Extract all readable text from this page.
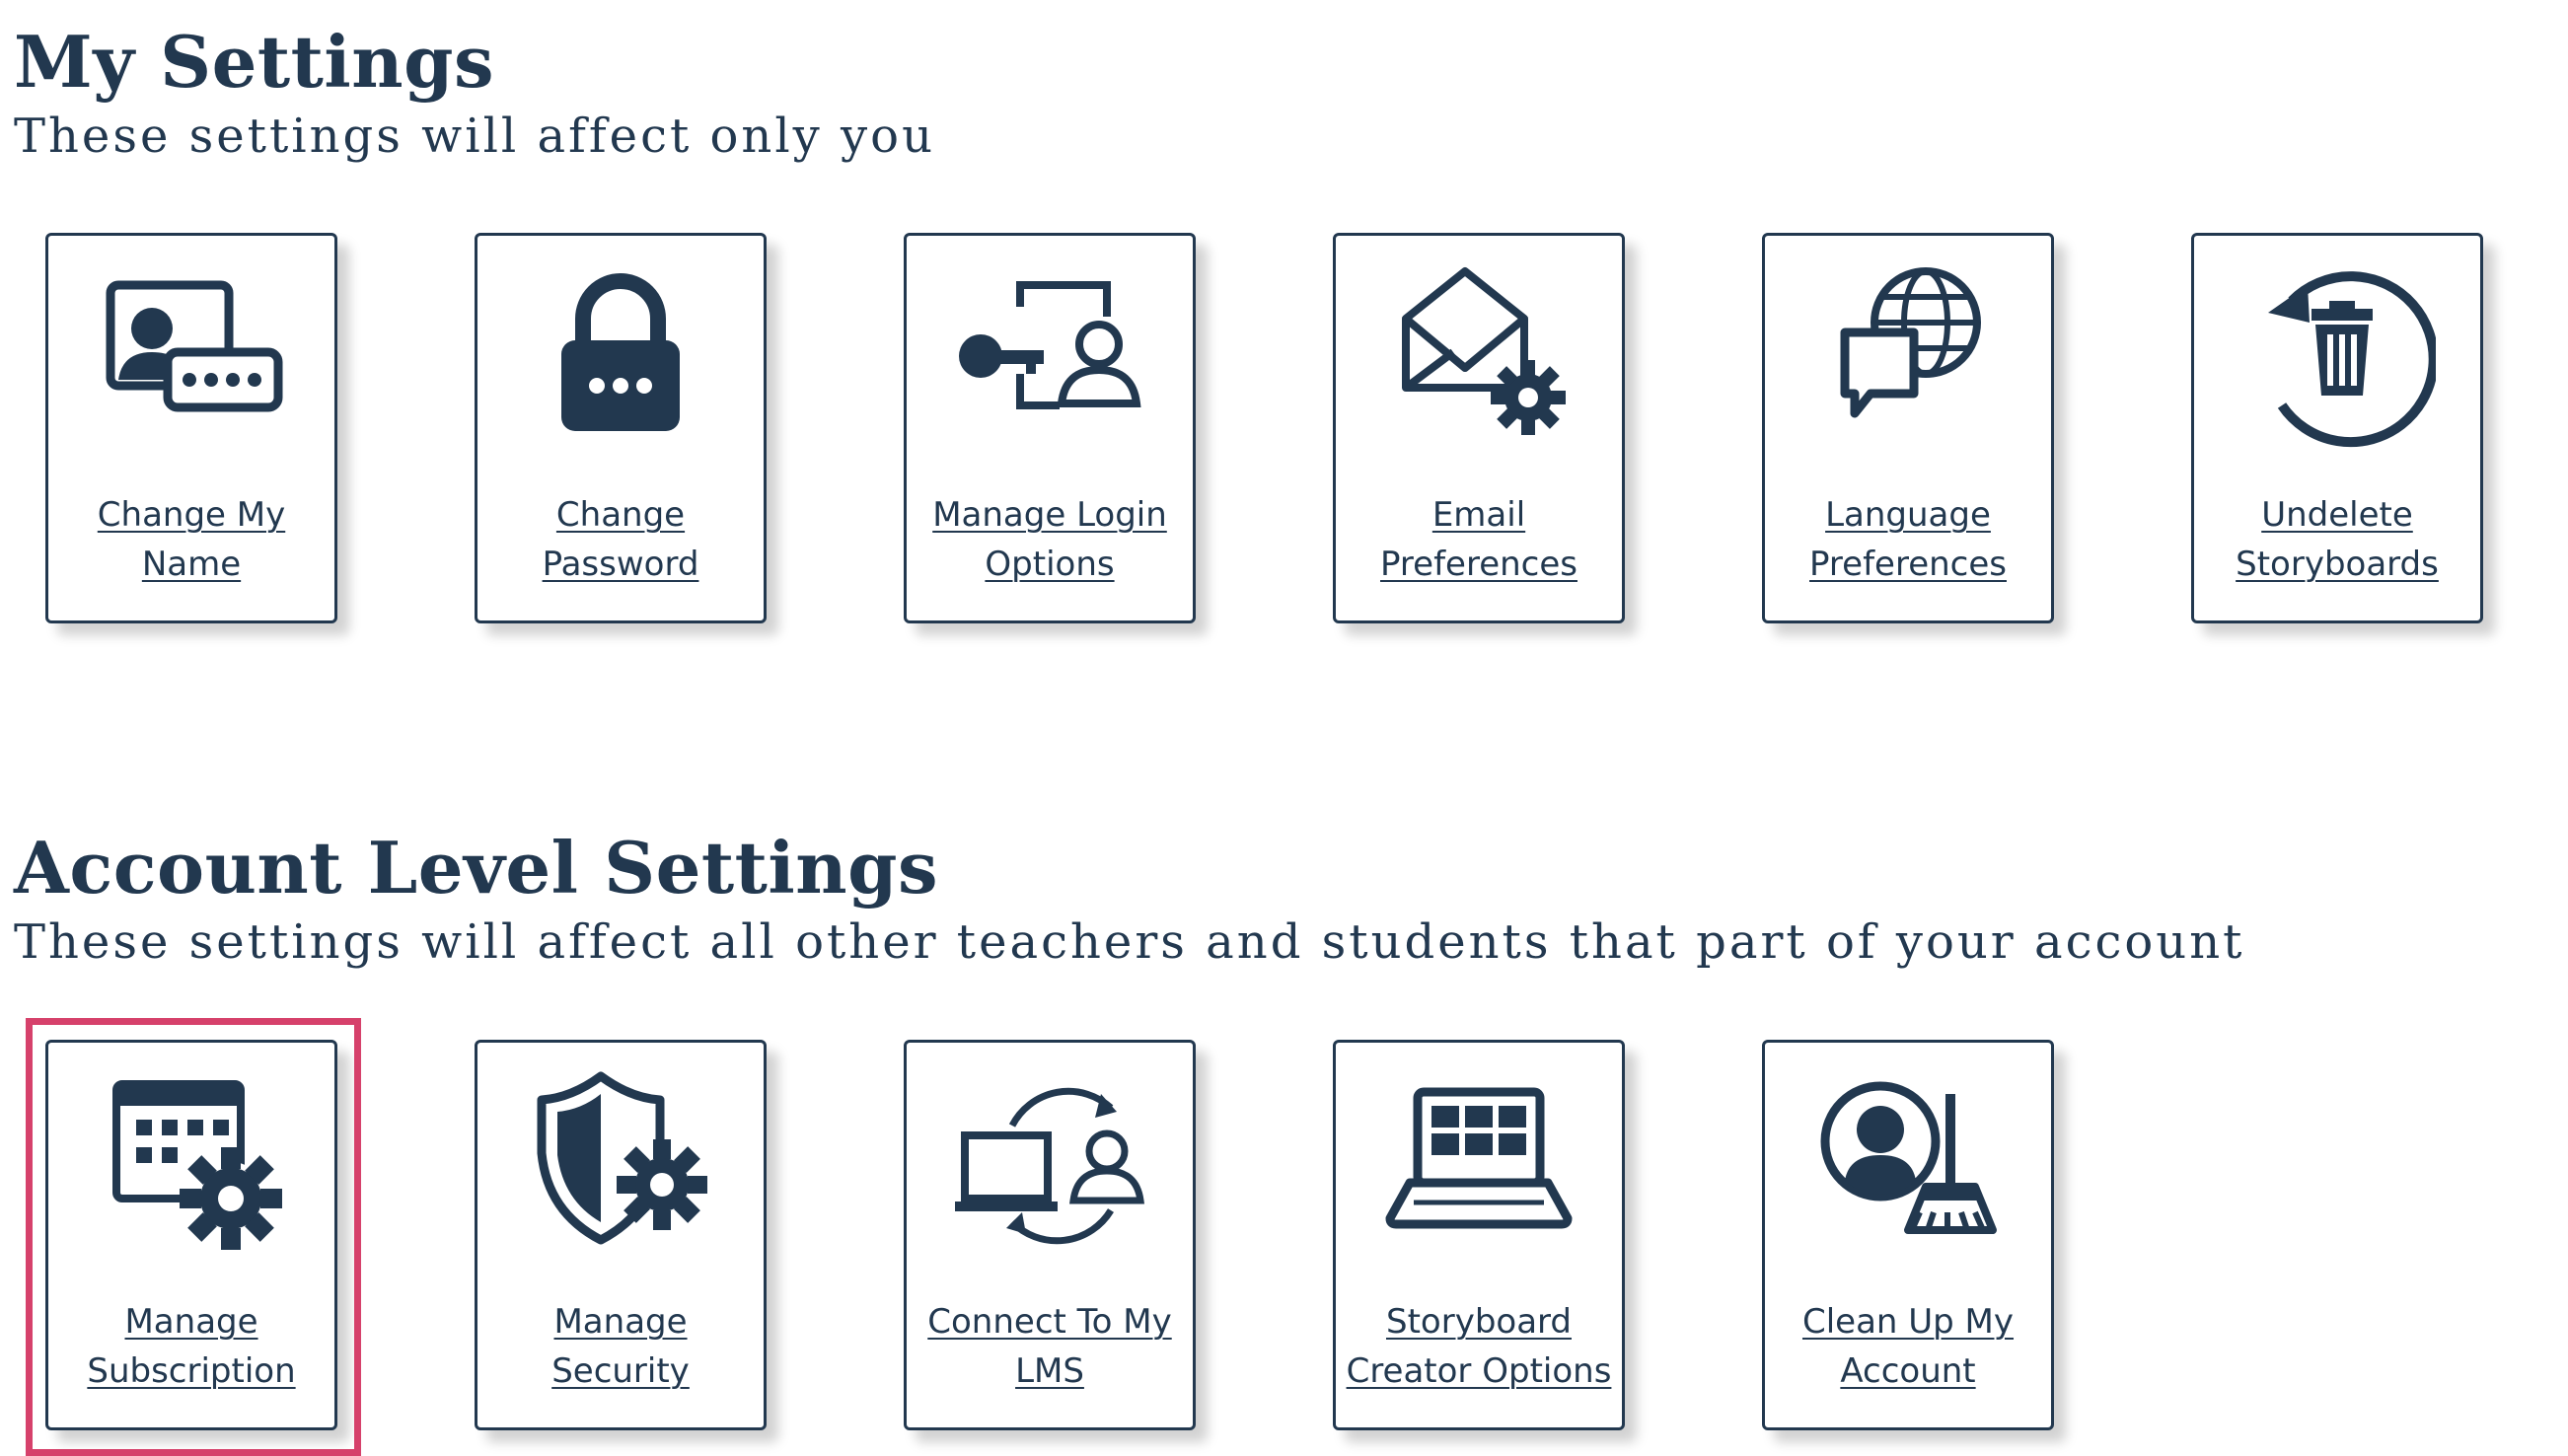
My Settings

These settings will affect only you

Change My
Name
Change
Password
Manage Login
Options
Email
Preferences
Language
Preferences
Undelete
Storyboards
Account Level Settings

These settings will affect all other teachers and students that part of your account

Manage
Subscription
Manage
Security
Connect To My
LMS
Storyboard
Creator Options
Clean Up My
Account
